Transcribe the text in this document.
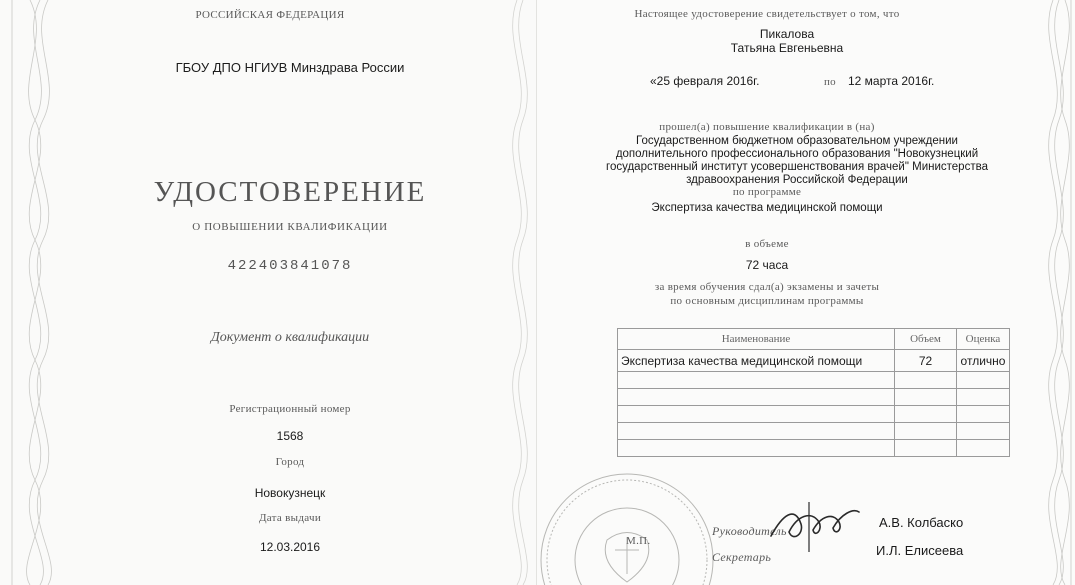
РОССИЙСКАЯ ФЕДЕРАЦИЯ
ГБОУ ДПО НГИУВ Минздрава России
УДОСТОВЕРЕНИЕ
О ПОВЫШЕНИИ КВАЛИФИКАЦИИ
422403841078
Документ о квалификации
Регистрационный номер
1568
Город
Новокузнецк
Дата выдачи
12.03.2016
Настоящее удостоверение свидетельствует о том, что
Пикалова
Татьяна Евгеньевна
«25 февраля 2016г.	по 12 марта 2016г.
прошел(а) повышение квалификации в (на)
Государственном бюджетном образовательном учреждении
дополнительного профессионального образования "Новокузнецкий
государственный институт усовершенствования врачей" Министерства
здравоохранения Российской Федерации
по программе
Экспертиза качества медицинской помощи
в объеме
72 часа
за время обучения сдал(а) экзамены и зачеты
по основным дисциплинам программы
Наименование	Объем	Оценка
Экспертиза качества медицинской помощи	72	отлично

М.П.
Руководитель
А.В. Колбаско
Секретарь	И.Л. Елисеева
